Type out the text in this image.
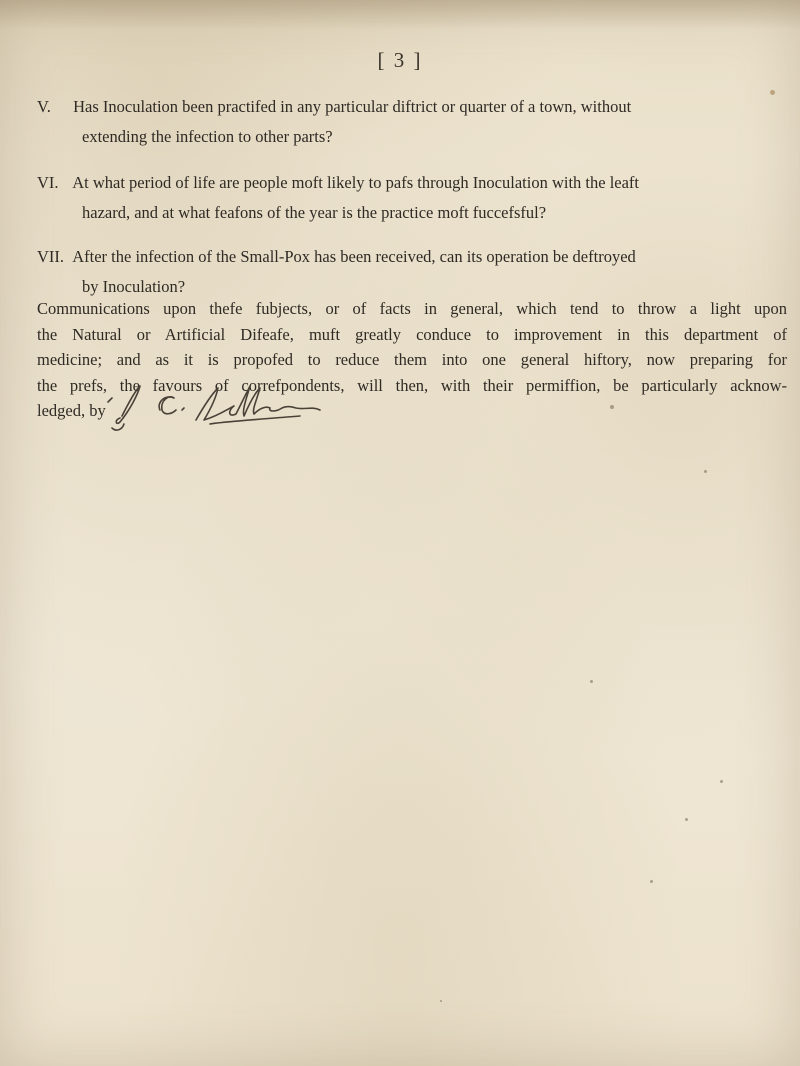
[ 3 ]
V. Has Inoculation been practifed in any particular diftrict or quarter of a town, without
extending the infection to other parts?
VI. At what period of life are people moft likely to pafs through Inoculation with the leaft
hazard, and at what feafons of the year is the practice moft fuccefsful?
VII. After the infection of the Small-Pox has been received, can its operation be deftroyed
by Inoculation?
Communications upon thefe fubjects, or of facts in general, which tend to throw a light upon
the Natural or Artificial Difeafe, muft greatly conduce to improvement in this department of
medicine; and as it is propofed to reduce them into one general hiftory, now preparing for
the prefs, the favours of correfpondents, will then, with their permiffion, be particularly acknow-
ledged, by
